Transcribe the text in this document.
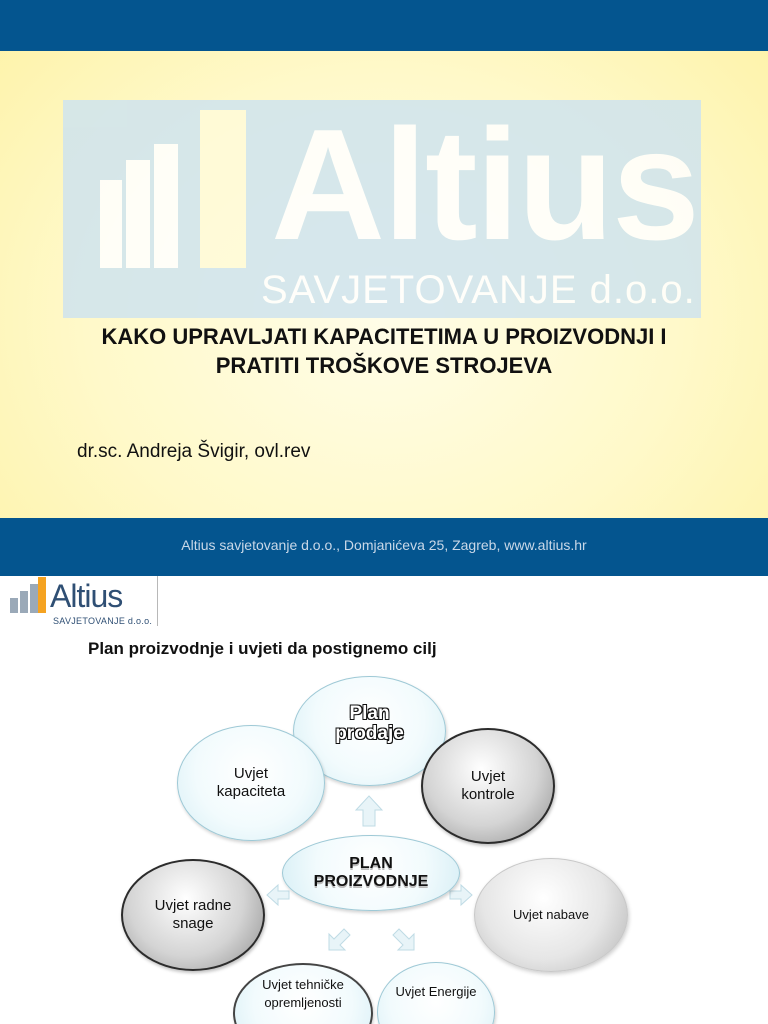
Altius
SAVJETOVANJE d.o.o.
KAKO UPRAVLJATI KAPACITETIMA U PROIZVODNJI I
PRATITI TROŠKOVE STROJEVA
dr.sc. Andreja Švigir, ovl.rev
Altius savjetovanje d.o.o., Domjanićeva 25, Zagreb, www.altius.hr
Altius
SAVJETOVANJE d.o.o.
Plan proizvodnje i uvjeti da postignemo cilj
PLAN
PROIZVODNJE
Plan
prodaje
Uvjet
kapaciteta
Uvjet
kontrole
Uvjet radne
snage
Uvjet nabave
Uvjet tehničke
opremljenosti
Uvjet Energije
